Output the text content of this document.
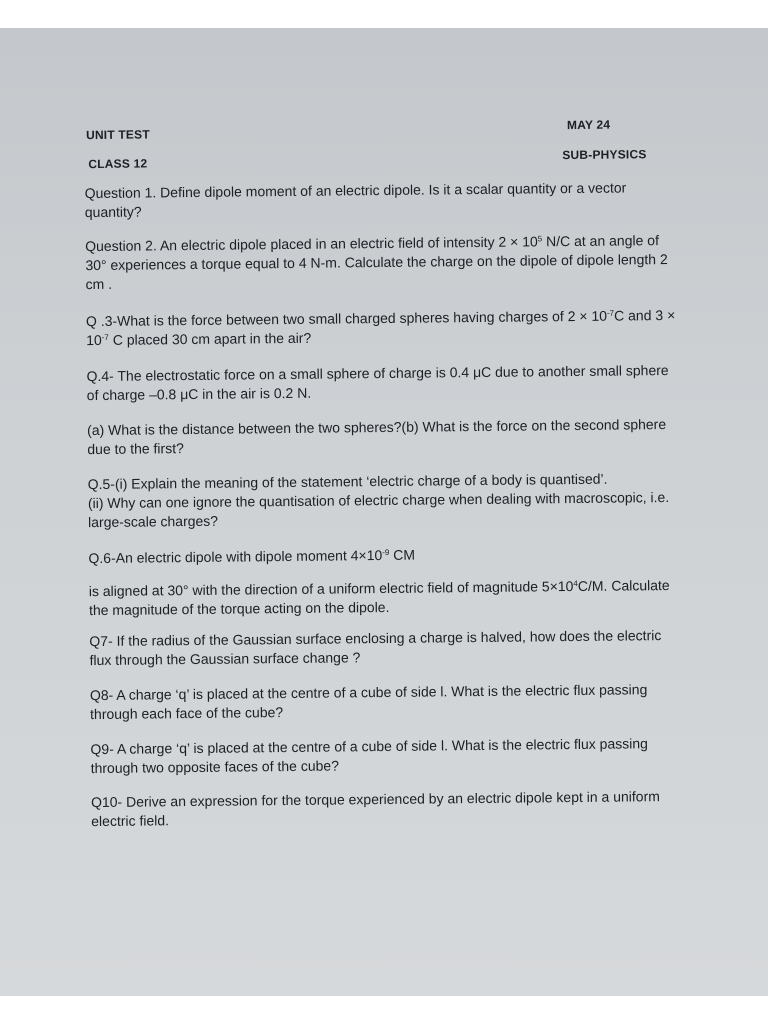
UNIT TEST
MAY 24
CLASS 12
SUB-PHYSICS

Question 1. Define dipole moment of an electric dipole. Is it a scalar quantity or a vector quantity?

Question 2. An electric dipole placed in an electric field of intensity $2 \times 10^5$ N/C at an angle of 30° experiences a torque equal to 4 N-m. Calculate the charge on the dipole of dipole length 2 cm .

Q .3-What is the force between two small charged spheres having charges of $2 \times 10^{-7}C$ and $3 \times 10^{-7}$ C placed 30 cm apart in the air?

Q.4- The electrostatic force on a small sphere of charge is 0.4 μC due to another small sphere of charge –0.8 μC in the air is 0.2 N.

(a) What is the distance between the two spheres?(b) What is the force on the second sphere due to the first?

Q.5-(i) Explain the meaning of the statement ‘electric charge of a body is quantised’.
(ii) Why can one ignore the quantisation of electric charge when dealing with macroscopic, i.e. large-scale charges?

Q.6-An electric dipole with dipole moment $4\times 10^{-9}$ CM

is aligned at 30° with the direction of a uniform electric field of magnitude $5\times 10^4C/M$. Calculate the magnitude of the torque acting on the dipole.

Q7- If the radius of the Gaussian surface enclosing a charge is halved, how does the electric flux through the Gaussian surface change ?

Q8- A charge ‘q’ is placed at the centre of a cube of side l. What is the electric flux passing through each face of the cube?

Q9- A charge ‘q’ is placed at the centre of a cube of side l. What is the electric flux passing through two opposite faces of the cube?

Q10- Derive an expression for the torque experienced by an electric dipole kept in a uniform electric field.
